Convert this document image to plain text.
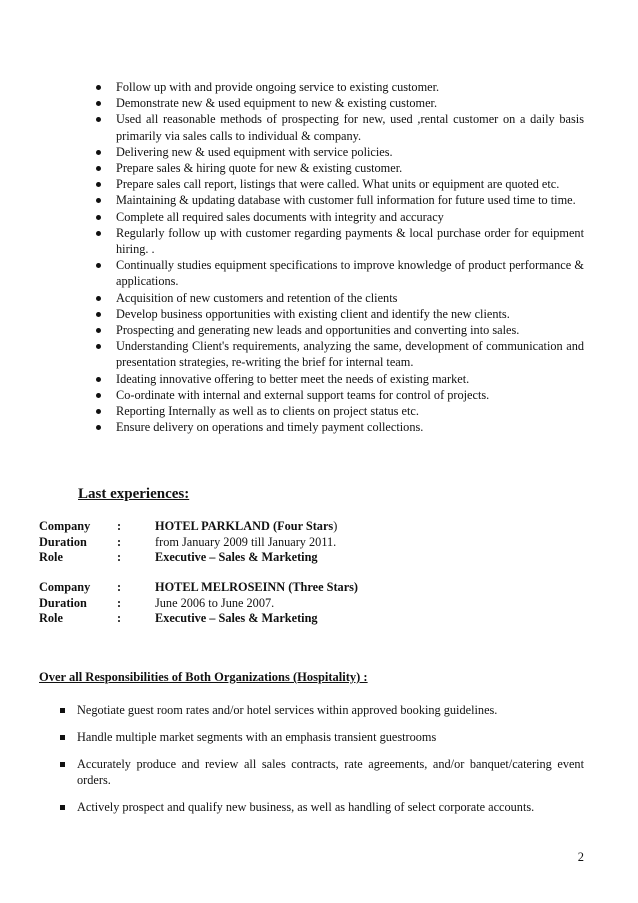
Follow up with and provide ongoing service to existing customer.
Demonstrate new & used equipment to new & existing customer.
Used all reasonable methods of prospecting for new, used ,rental customer on a daily basis primarily via sales calls to individual & company.
Delivering new & used equipment with service policies.
Prepare sales & hiring quote for new & existing customer.
Prepare sales call report, listings that were called. What units or equipment are quoted etc.
Maintaining & updating database with customer full information for future used time to time.
Complete all required sales documents with integrity and accuracy
Regularly follow up with customer regarding payments & local purchase order for equipment hiring. .
Continually studies equipment specifications to improve knowledge of product performance & applications.
Acquisition of new customers and retention of the clients
Develop business opportunities with existing client and identify the new clients.
Prospecting and generating new leads and opportunities and converting into sales.
Understanding Client's requirements, analyzing the same, development of communication and presentation strategies, re-writing the brief for internal team.
Ideating innovative offering to better meet the needs of existing market.
Co-ordinate with internal and external support teams for control of projects.
Reporting Internally as well as to clients on project status etc.
Ensure delivery on operations and timely payment collections.
Last experiences:
Company :	HOTEL PARKLAND (Four Stars)
Duration :	from January 2009 till January 2011.
Role	:	Executive – Sales & Marketing
Company :	HOTEL MELROSEINN (Three Stars)
Duration :	June 2006 to June 2007.
Role	:	Executive – Sales & Marketing
Over all Responsibilities of Both Organizations (Hospitality) :
Negotiate guest room rates and/or hotel services within approved booking guidelines.
Handle multiple market segments with an emphasis transient guestrooms
Accurately produce and review all sales contracts, rate agreements, and/or banquet/catering event orders.
Actively prospect and qualify new business, as well as handling of select corporate accounts.
2
